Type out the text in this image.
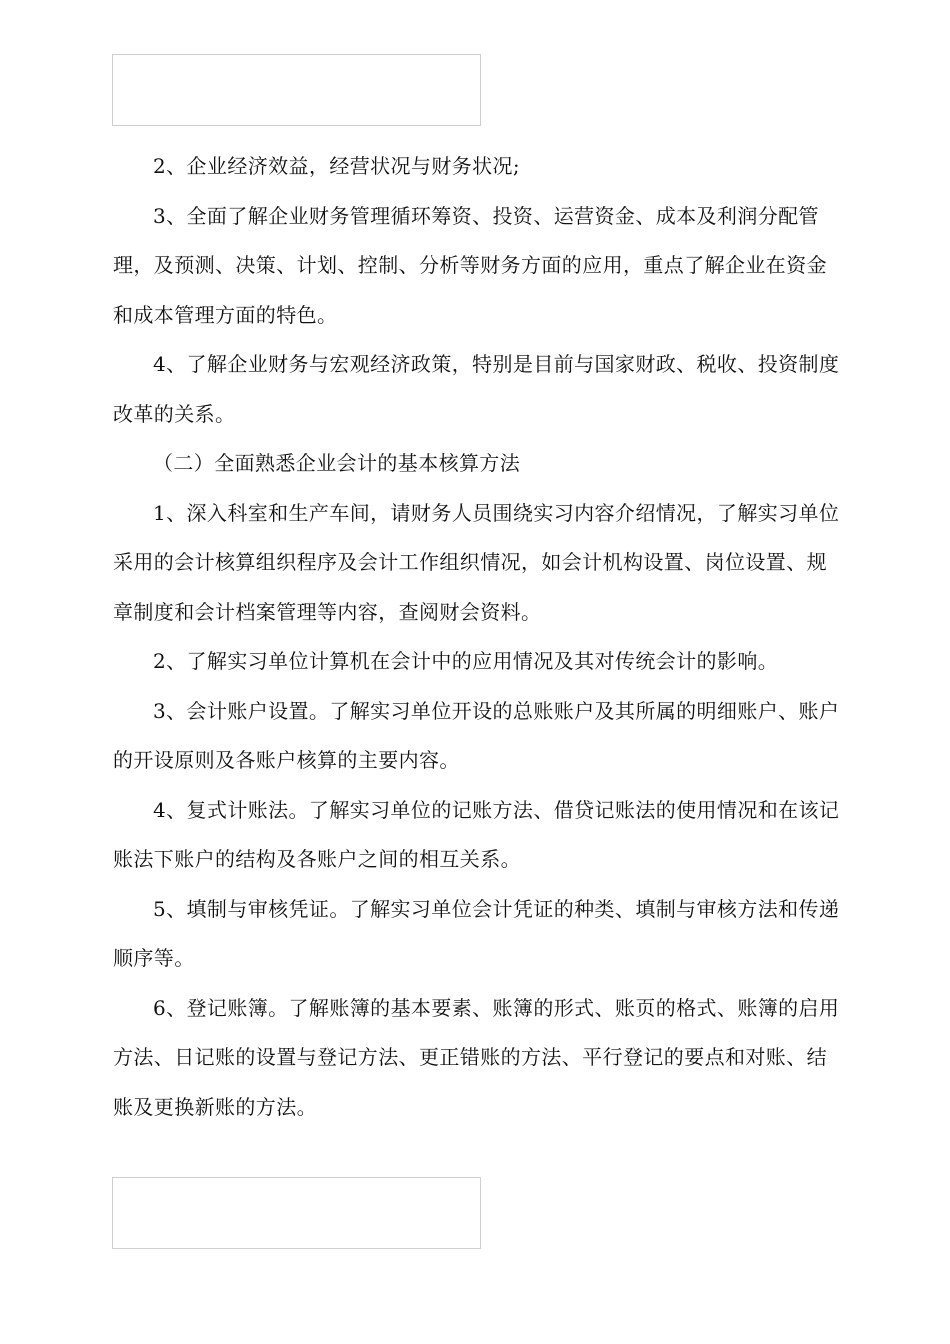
2、企业经济效益，经营状况与财务状况;

3、全面了解企业财务管理循环筹资、投资、运营资金、成本及利润分配管理，及预测、决策、计划、控制、分析等财务方面的应用，重点了解企业在资金和成本管理方面的特色。

4、了解企业财务与宏观经济政策，特别是目前与国家财政、税收、投资制度改革的关系。

（二）全面熟悉企业会计的基本核算方法

1、深入科室和生产车间，请财务人员围绕实习内容介绍情况，了解实习单位采用的会计核算组织程序及会计工作组织情况，如会计机构设置、岗位设置、规章制度和会计档案管理等内容，查阅财会资料。

2、了解实习单位计算机在会计中的应用情况及其对传统会计的影响。

3、会计账户设置。了解实习单位开设的总账账户及其所属的明细账户、账户的开设原则及各账户核算的主要内容。

4、复式计账法。了解实习单位的记账方法、借贷记账法的使用情况和在该记账法下账户的结构及各账户之间的相互关系。

5、填制与审核凭证。了解实习单位会计凭证的种类、填制与审核方法和传递顺序等。

6、登记账簿。了解账簿的基本要素、账簿的形式、账页的格式、账簿的启用方法、日记账的设置与登记方法、更正错账的方法、平行登记的要点和对账、结账及更换新账的方法。
